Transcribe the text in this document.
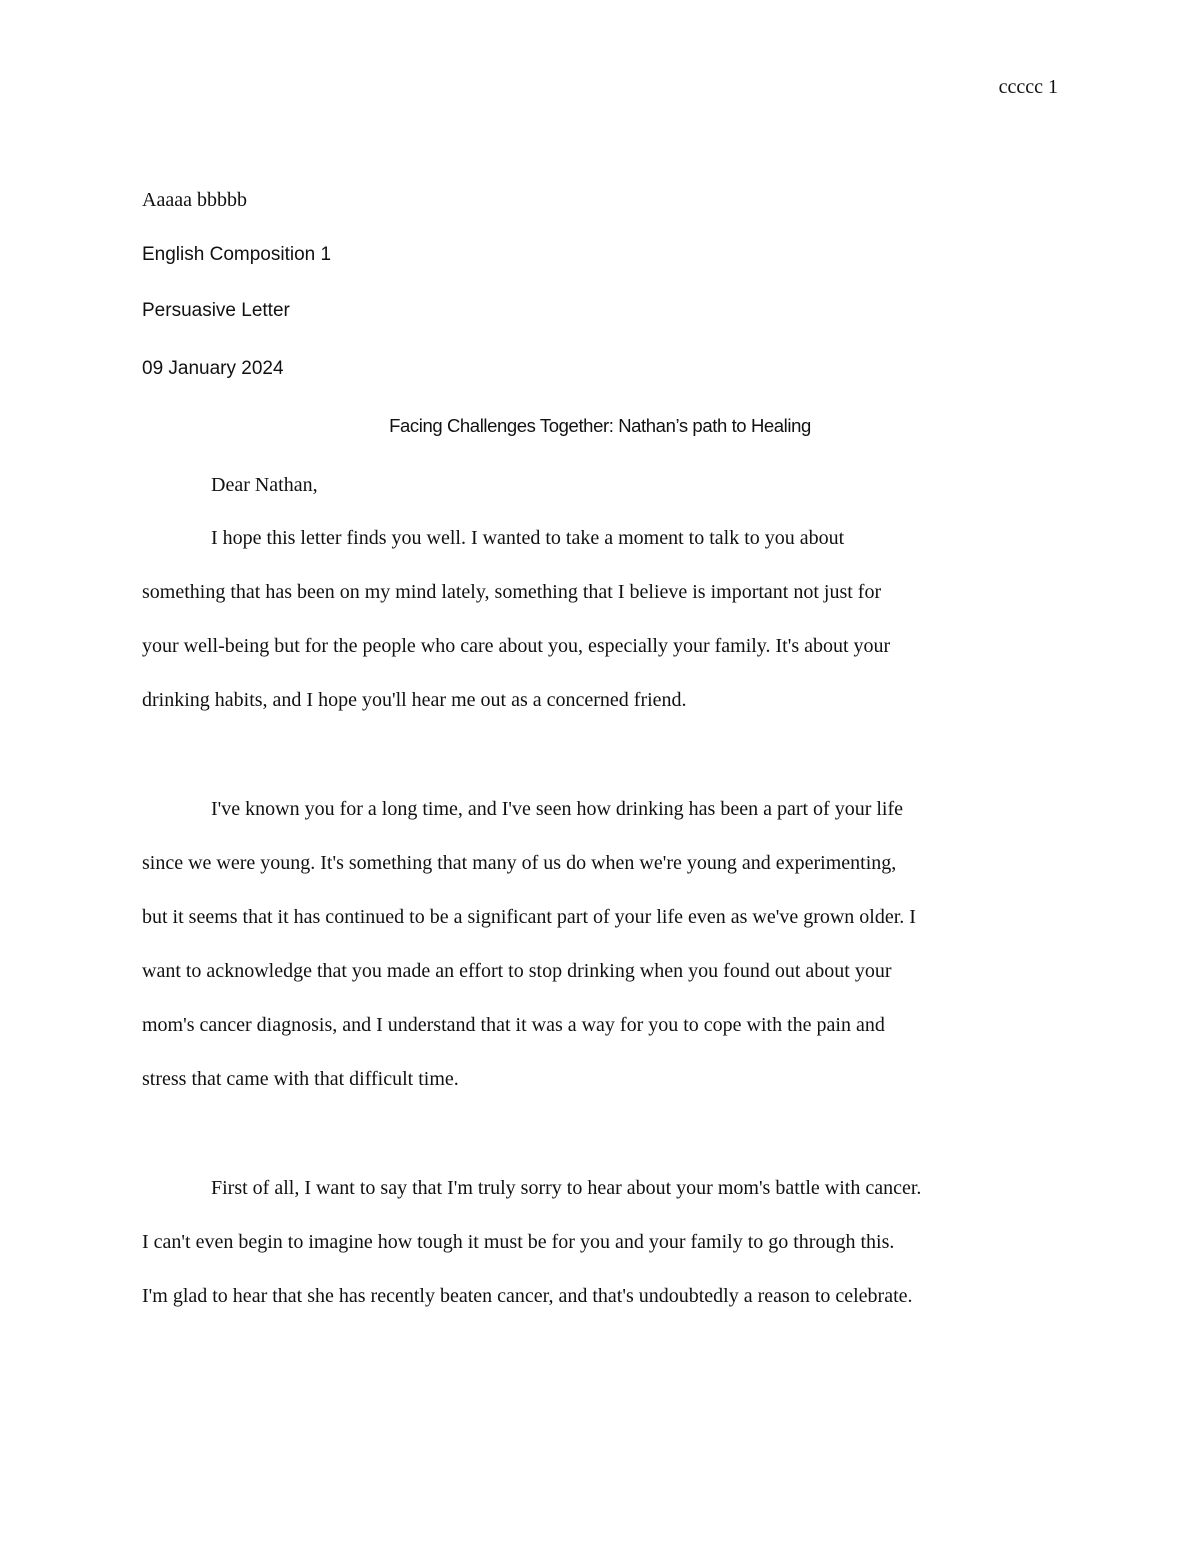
ccccc 1
Aaaaa bbbbb
English Composition 1
Persuasive Letter
09 January 2024
Facing Challenges Together: Nathan’s path to Healing
Dear Nathan,
I hope this letter finds you well. I wanted to take a moment to talk to you about
something that has been on my mind lately, something that I believe is important not just for
your well-being but for the people who care about you, especially your family. It's about your
drinking habits, and I hope you'll hear me out as a concerned friend.
I've known you for a long time, and I've seen how drinking has been a part of your life
since we were young. It's something that many of us do when we're young and experimenting,
but it seems that it has continued to be a significant part of your life even as we've grown older. I
want to acknowledge that you made an effort to stop drinking when you found out about your
mom's cancer diagnosis, and I understand that it was a way for you to cope with the pain and
stress that came with that difficult time.
First of all, I want to say that I'm truly sorry to hear about your mom's battle with cancer.
I can't even begin to imagine how tough it must be for you and your family to go through this.
I'm glad to hear that she has recently beaten cancer, and that's undoubtedly a reason to celebrate.
